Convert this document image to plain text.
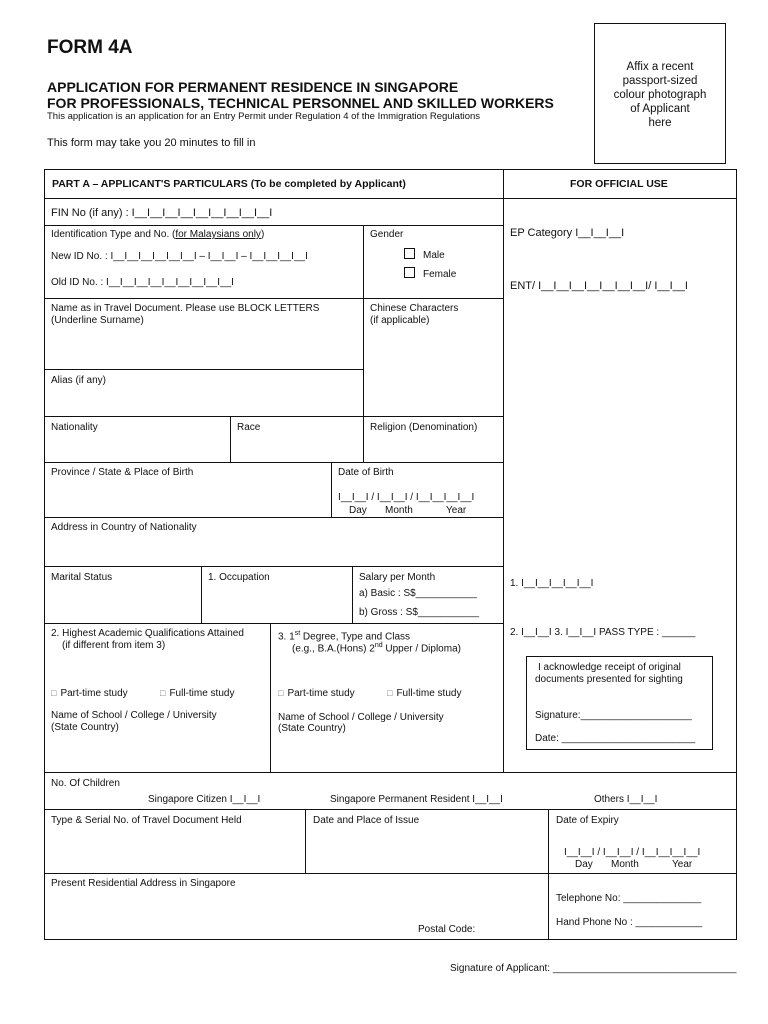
FORM 4A
APPLICATION FOR PERMANENT RESIDENCE IN SINGAPORE
FOR PROFESSIONALS, TECHNICAL PERSONNEL AND SKILLED WORKERS
This application is an application for an Entry Permit under Regulation 4 of the Immigration Regulations
This form may take you 20 minutes to fill in
Affix a recent
passport-sized
colour photograph
of Applicant
here
PART A – APPLICANT'S PARTICULARS (To be completed by Applicant)	FOR OFFICIAL USE
FIN No (if any) : I__I__I__I__I__I__I__I__I__I
Identification Type and No. (for Malaysians only)
New ID No. : I__I__I__I__I__I__I – I__I__I – I__I__I__I__I
Old ID No. : I__I__I__I__I__I__I__I__I__I
Gender
Male
Female
EP Category I__I__I__I
ENT/ I__I__I__I__I__I__I__I/ I__I__I
Name as in Travel Document. Please use BLOCK LETTERS
(Underline Surname)
Chinese Characters
(if applicable)
Alias (if any)
Nationality	Race	Religion (Denomination)
Province / State & Place of Birth	Date of Birth
I__I__I / I__I__I / I__I__I__I__I
Day Month	Year
Address in Country of Nationality
Marital Status	1. Occupation	Salary per Month
a) Basic : S$___________
b) Gross : S$___________
1. I__I__I__I__I__I
2. I__I__I 3. I__I__I PASS TYPE : ______
2. Highest Academic Qualifications Attained
(if different from item 3)
3. 1st Degree, Type and Class
(e.g., B.A.(Hons) 2nd Upper / Diploma)
□ Part-time study	□ Full-time study	□ Part-time study	□ Full-time study
Name of School / College / University
(State Country)
Name of School / College / University
(State Country)
I acknowledge receipt of original
documents presented for sighting
Signature:____________________
Date: ________________________
No. Of Children
Singapore Citizen I__I__I	Singapore Permanent Resident I__I__I	Others I__I__I
Type & Serial No. of Travel Document Held	Date and Place of Issue	Date of Expiry
I__I__I / I__I__I / I__I__I__I__I
Day Month	Year
Present Residential Address in Singapore
Postal Code:
Telephone No: ______________
Hand Phone No : ____________
Signature of Applicant: _________________________________
